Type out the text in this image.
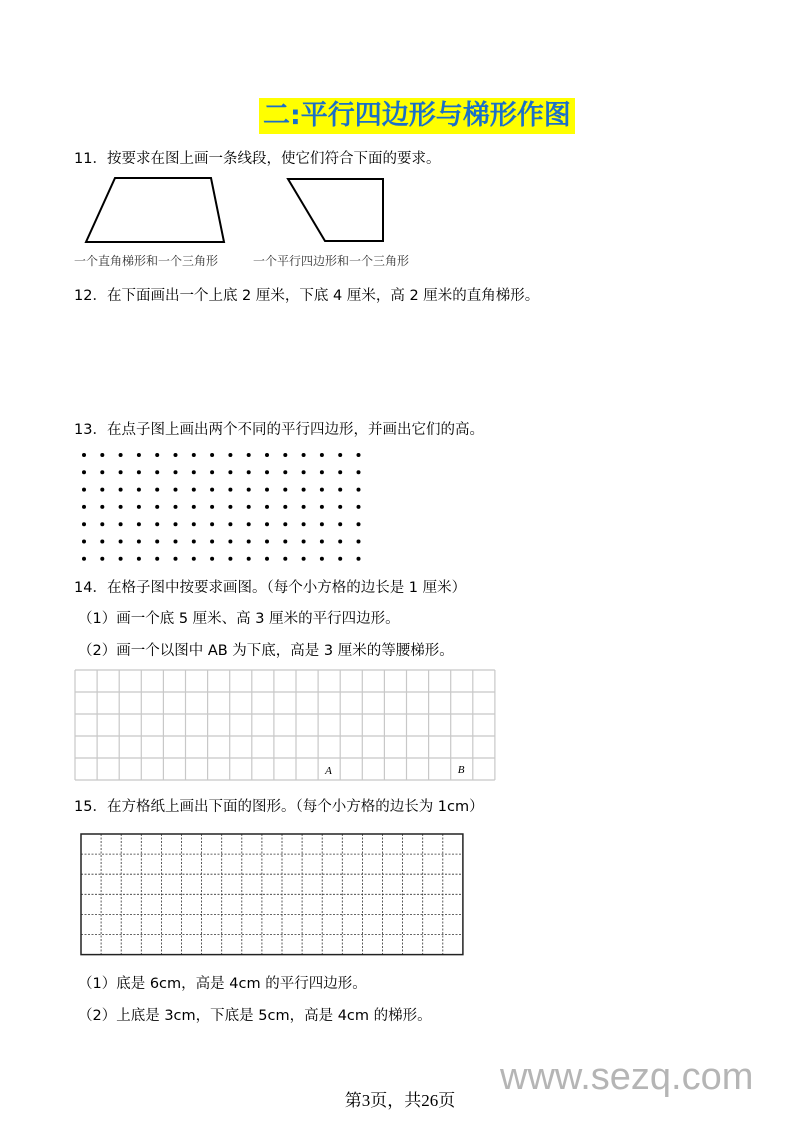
二:平行四边形与梯形作图
11．按要求在图上画一条线段，使它们符合下面的要求。
一个直角梯形和一个三角形	一个平行四边形和一个三角形
12．在下面画出一个上底 2 厘米，下底 4 厘米，高 2 厘米的直角梯形。
13．在点子图上画出两个不同的平行四边形，并画出它们的高。
14．在格子图中按要求画图。（每个小方格的边长是 1 厘米）
（1）画一个底 5 厘米、高 3 厘米的平行四边形。
（2）画一个以图中 AB 为下底，高是 3 厘米的等腰梯形。
A	B
15．在方格纸上画出下面的图形。（每个小方格的边长为 1cm）
（1）底是 6cm，高是 4cm 的平行四边形。
（2）上底是 3cm，下底是 5cm，高是 4cm 的梯形。
www.sezq.com
第3页，共26页
